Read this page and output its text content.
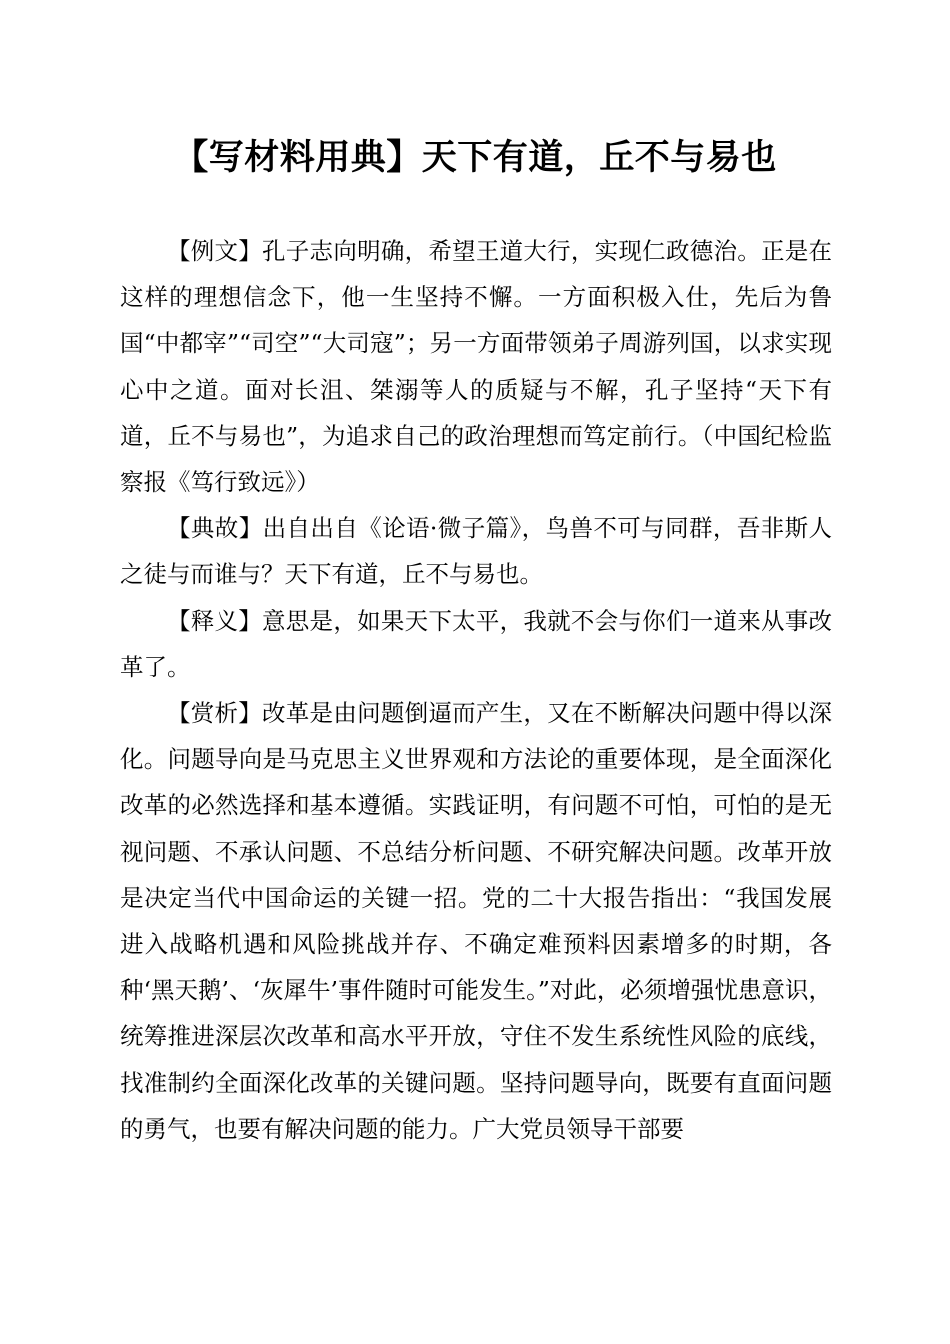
【写材料用典】天下有道，丘不与易也

【例文】孔子志向明确，希望王道大行，实现仁政德治。正是在这样的理想信念下，他一生坚持不懈。一方面积极入仕，先后为鲁国“中都宰”“司空”“大司寇”；另一方面带领弟子周游列国，以求实现心中之道。面对长沮、桀溺等人的质疑与不解，孔子坚持“天下有道，丘不与易也”，为追求自己的政治理想而笃定前行。（中国纪检监察报《笃行致远》）

【典故】出自出自《论语·微子篇》，鸟兽不可与同群，吾非斯人之徒与而谁与？天下有道，丘不与易也。

【释义】意思是，如果天下太平，我就不会与你们一道来从事改革了。

【赏析】改革是由问题倒逼而产生，又在不断解决问题中得以深化。问题导向是马克思主义世界观和方法论的重要体现，是全面深化改革的必然选择和基本遵循。实践证明，有问题不可怕，可怕的是无视问题、不承认问题、不总结分析问题、不研究解决问题。改革开放是决定当代中国命运的关键一招。党的二十大报告指出：“我国发展进入战略机遇和风险挑战并存、不确定难预料因素增多的时期，各种‘黑天鹅’、‘灰犀牛’事件随时可能发生。”对此，必须增强忧患意识，统筹推进深层次改革和高水平开放，守住不发生系统性风险的底线，找准制约全面深化改革的关键问题。坚持问题导向，既要有直面问题的勇气，也要有解决问题的能力。广大党员领导干部要
